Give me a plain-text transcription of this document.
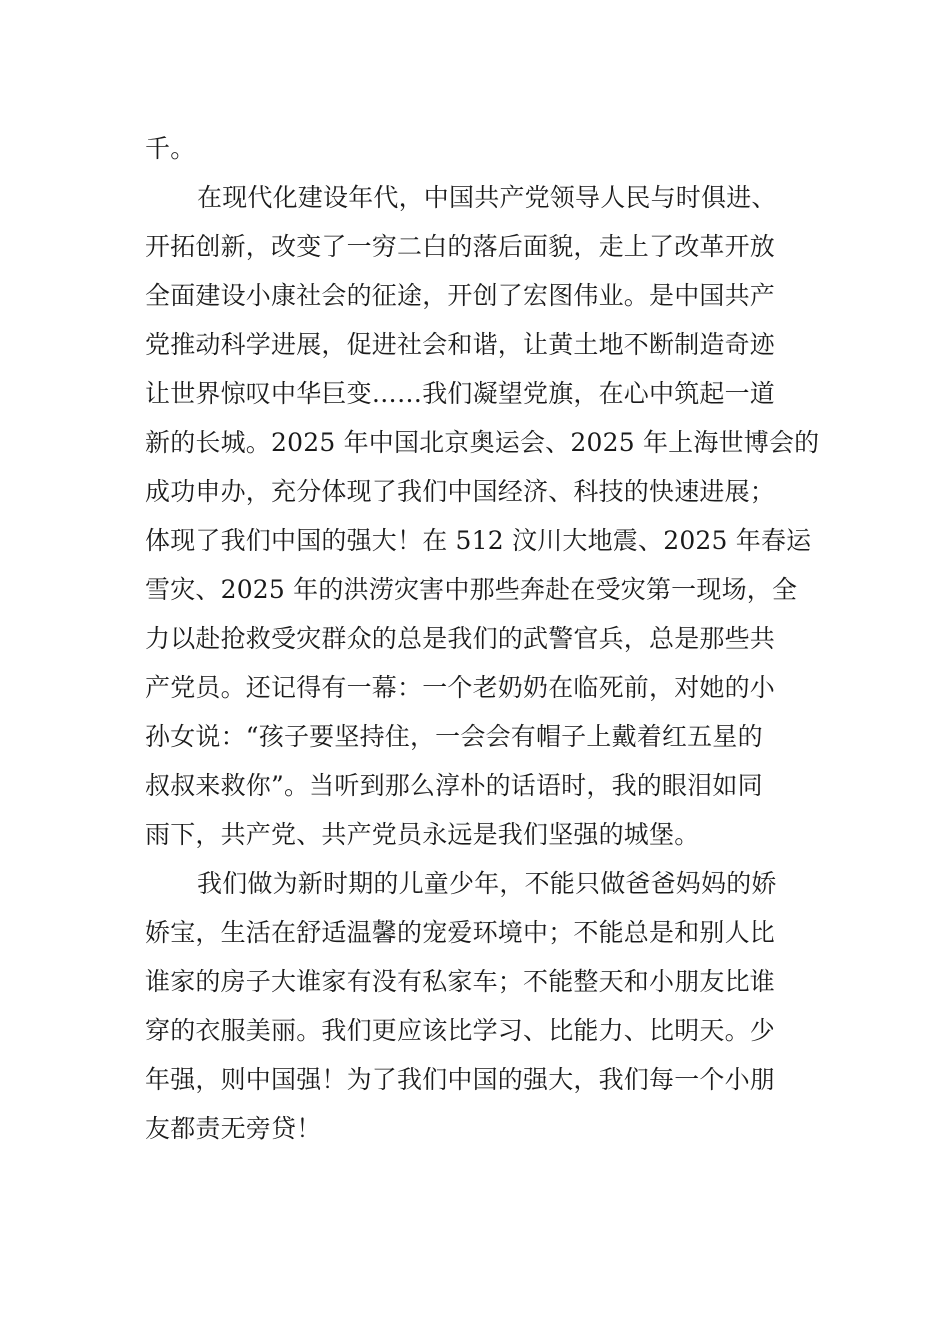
千。
在现代化建设年代，中国共产党领导人民与时俱进、
开拓创新，改变了一穷二白的落后面貌，走上了改革开放
全面建设小康社会的征途，开创了宏图伟业。是中国共产
党推动科学进展，促进社会和谐，让黄土地不断制造奇迹
让世界惊叹中华巨变……我们凝望党旗，在心中筑起一道
新的长城。2025 年中国北京奥运会、2025 年上海世博会的
成功申办，充分体现了我们中国经济、科技的快速进展；
体现了我们中国的强大！在 512 汶川大地震、2025 年春运
雪灾、2025 年的洪涝灾害中那些奔赴在受灾第一现场，全
力以赴抢救受灾群众的总是我们的武警官兵，总是那些共
产党员。还记得有一幕：一个老奶奶在临死前，对她的小
孙女说：“孩子要坚持住，一会会有帽子上戴着红五星的
叔叔来救你”。当听到那么淳朴的话语时，我的眼泪如同
雨下，共产党、共产党员永远是我们坚强的城堡。
我们做为新时期的儿童少年，不能只做爸爸妈妈的娇
娇宝，生活在舒适温馨的宠爱环境中；不能总是和别人比
谁家的房子大谁家有没有私家车；不能整天和小朋友比谁
穿的衣服美丽。我们更应该比学习、比能力、比明天。少
年强，则中国强！为了我们中国的强大，我们每一个小朋
友都责无旁贷！
